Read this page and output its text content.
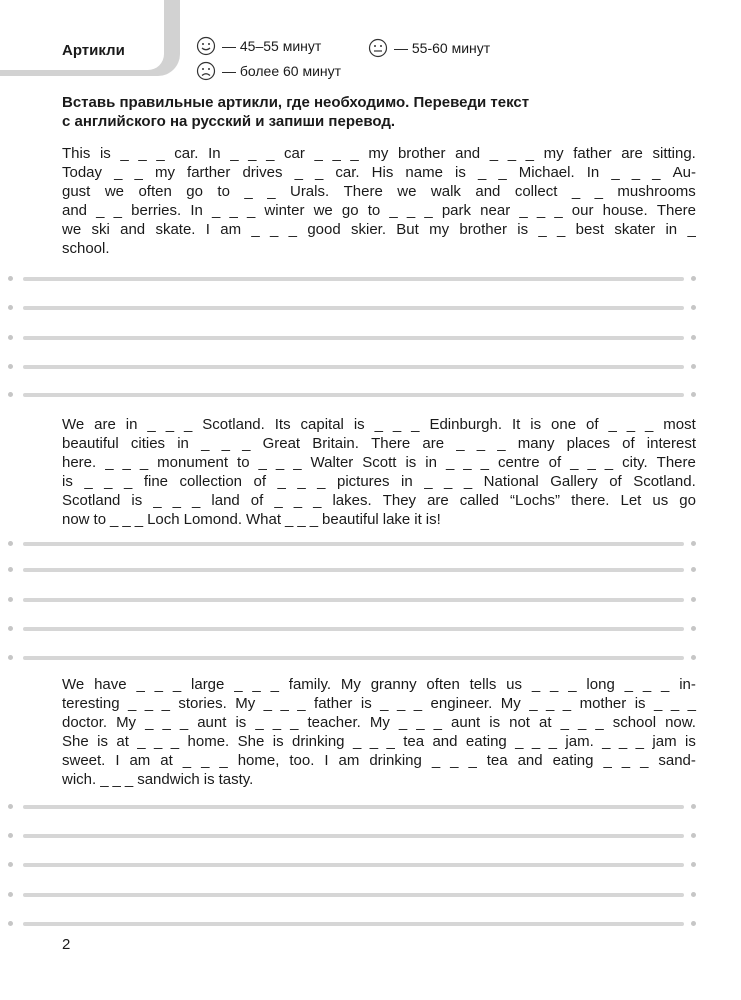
Артикли	— 45–55 минут	— 55-60 минут
— более 60 минут
Вставь правильные артикли, где необходимо. Переведи текст
с английского на русский и запиши перевод.
This is _ _ _ car. In _ _ _ car _ _ _ my brother and _ _ _ my father are sitting.
Today _ _ my farther drives _ _ car. His name is _ _ Michael. In _ _ _ Au-
gust we often go to _ _ Urals. There we walk and collect _ _ mushrooms
and _ _ berries. In _ _ _ winter we go to _ _ _ park near _ _ _ our house. There
we ski and skate. I am _ _ _ good skier. But my brother is _ _ best skater in _
school.
We are in _ _ _ Scotland. Its capital is _ _ _ Edinburgh. It is one of _ _ _ most
beautiful cities in _ _ _ Great Britain. There are _ _ _ many places of interest
here. _ _ _ monument to _ _ _ Walter Scott is in _ _ _ centre of _ _ _ city. There
is _ _ _ fine collection of _ _ _ pictures in _ _ _ National Gallery of Scotland.
Scotland is _ _ _ land of _ _ _ lakes. They are called “Lochs” there. Let us go
now to _ _ _ Loch Lomond. What _ _ _ beautiful lake it is!
We have _ _ _ large _ _ _ family. My granny often tells us _ _ _ long _ _ _ in-
teresting _ _ _ stories. My _ _ _ father is _ _ _ engineer. My _ _ _ mother is _ _ _
doctor. My _ _ _ aunt is _ _ _ teacher. My _ _ _ aunt is not at _ _ _ school now.
She is at _ _ _ home. She is drinking _ _ _ tea and eating _ _ _ jam. _ _ _ jam is
sweet. I am at _ _ _ home, too. I am drinking _ _ _ tea and eating _ _ _ sand-
wich. _ _ _ sandwich is tasty.
2
